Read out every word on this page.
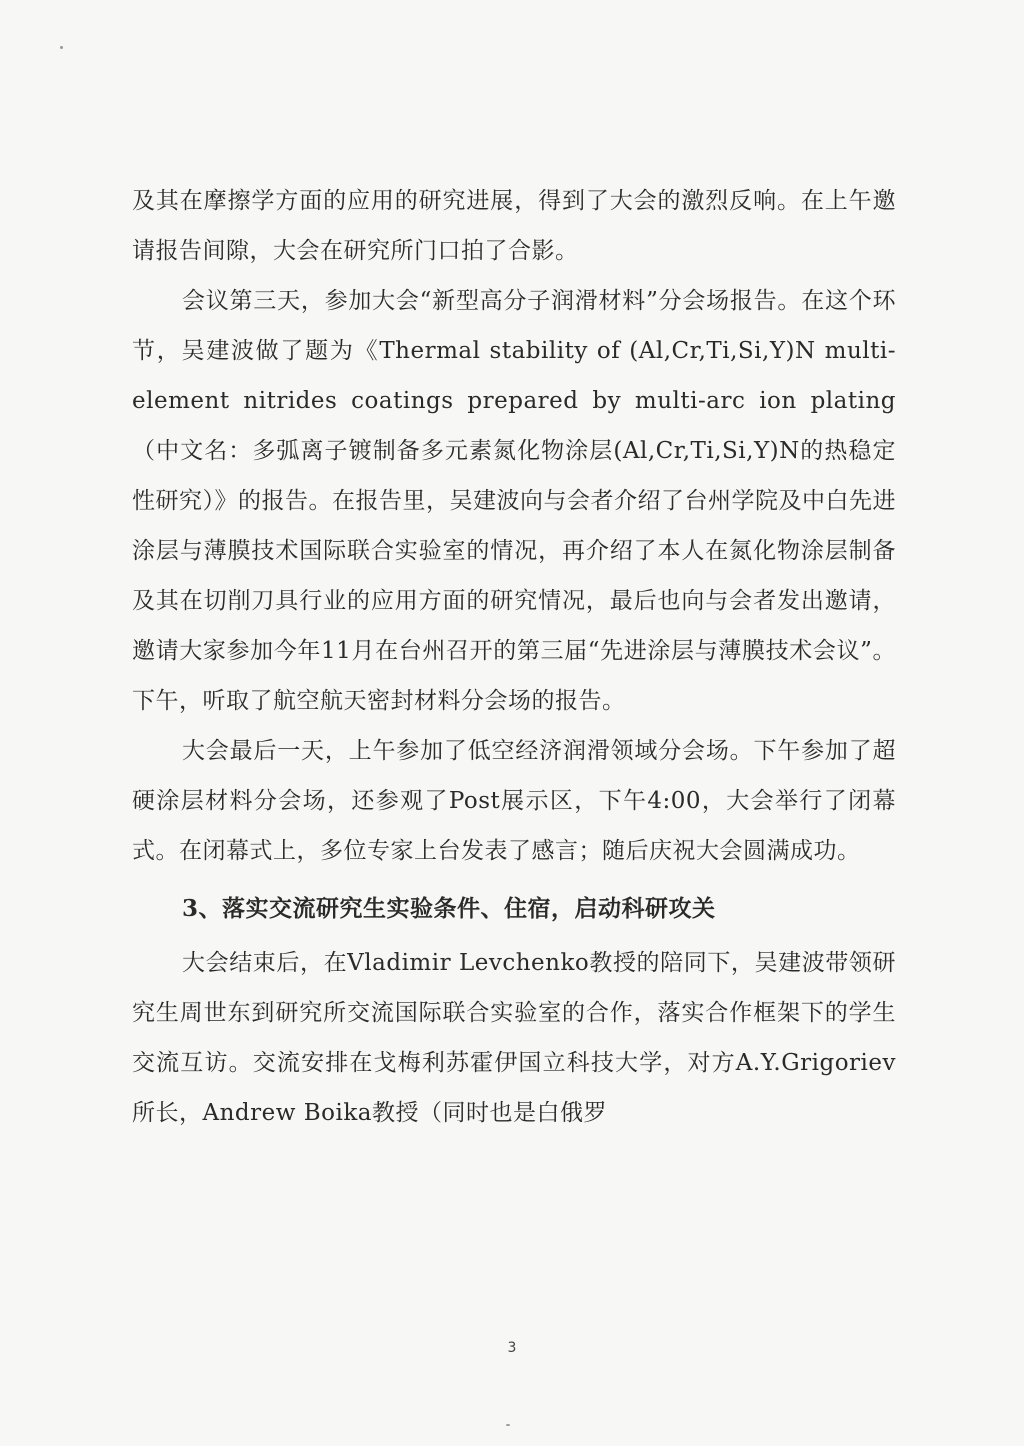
及其在摩擦学方面的应用的研究进展，得到了大会的激烈反响。在上午邀请报告间隙，大会在研究所门口拍了合影。

会议第三天，参加大会“新型高分子润滑材料”分会场报告。在这个环节，吴建波做了题为《Thermal stability of (Al,Cr,Ti,Si,Y)N multi-element nitrides coatings prepared by multi-arc ion plating（中文名：多弧离子镀制备多元素氮化物涂层(Al,Cr,Ti,Si,Y)N的热稳定性研究）》的报告。在报告里，吴建波向与会者介绍了台州学院及中白先进涂层与薄膜技术国际联合实验室的情况，再介绍了本人在氮化物涂层制备及其在切削刀具行业的应用方面的研究情况，最后也向与会者发出邀请，邀请大家参加今年11月在台州召开的第三届“先进涂层与薄膜技术会议”。下午，听取了航空航天密封材料分会场的报告。

大会最后一天，上午参加了低空经济润滑领域分会场。下午参加了超硬涂层材料分会场，还参观了Post展示区，下午4:00，大会举行了闭幕式。在闭幕式上，多位专家上台发表了感言；随后庆祝大会圆满成功。

3、落实交流研究生实验条件、住宿，启动科研攻关

大会结束后，在Vladimir Levchenko教授的陪同下，吴建波带领研究生周世东到研究所交流国际联合实验室的合作，落实合作框架下的学生交流互访。交流安排在戈梅利苏霍伊国立科技大学，对方A.Y.Grigoriev所长，Andrew Boika教授（同时也是白俄罗

3
